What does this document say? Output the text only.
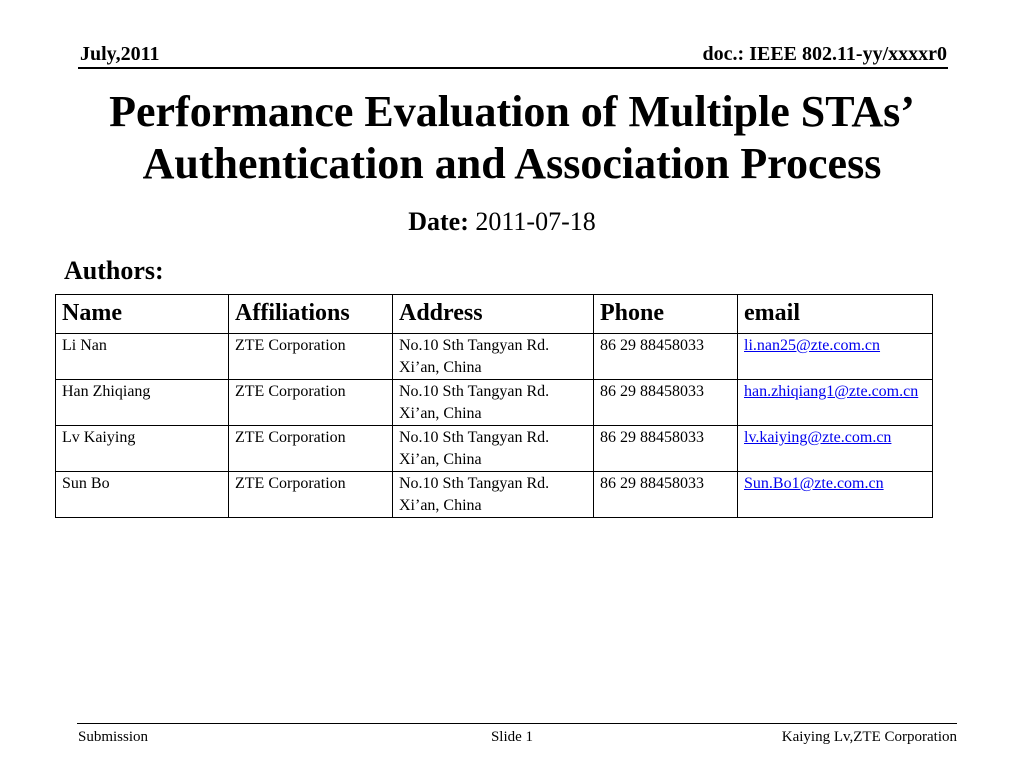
July,2011	doc.: IEEE 802.11-yy/xxxxr0
Performance Evaluation of Multiple STAs’
Authentication and Association Process
Date: 2011-07-18
Authors:
Name	Affiliations	Address	Phone	email
Li Nan	ZTE Corporation	No.10 Sth Tangyan Rd.
Xi’an, China	86 29 88458033	li.nan25@zte.com.cn
Han Zhiqiang	ZTE Corporation	No.10 Sth Tangyan Rd.
Xi’an, China	86 29 88458033	han.zhiqiang1@zte.com.cn
Lv Kaiying	ZTE Corporation	No.10 Sth Tangyan Rd.
Xi’an, China	86 29 88458033	lv.kaiying@zte.com.cn
Sun Bo	ZTE Corporation	No.10 Sth Tangyan Rd.
Xi’an, China	86 29 88458033	Sun.Bo1@zte.com.cn
Submission	Slide 1	Kaiying Lv,ZTE Corporation
